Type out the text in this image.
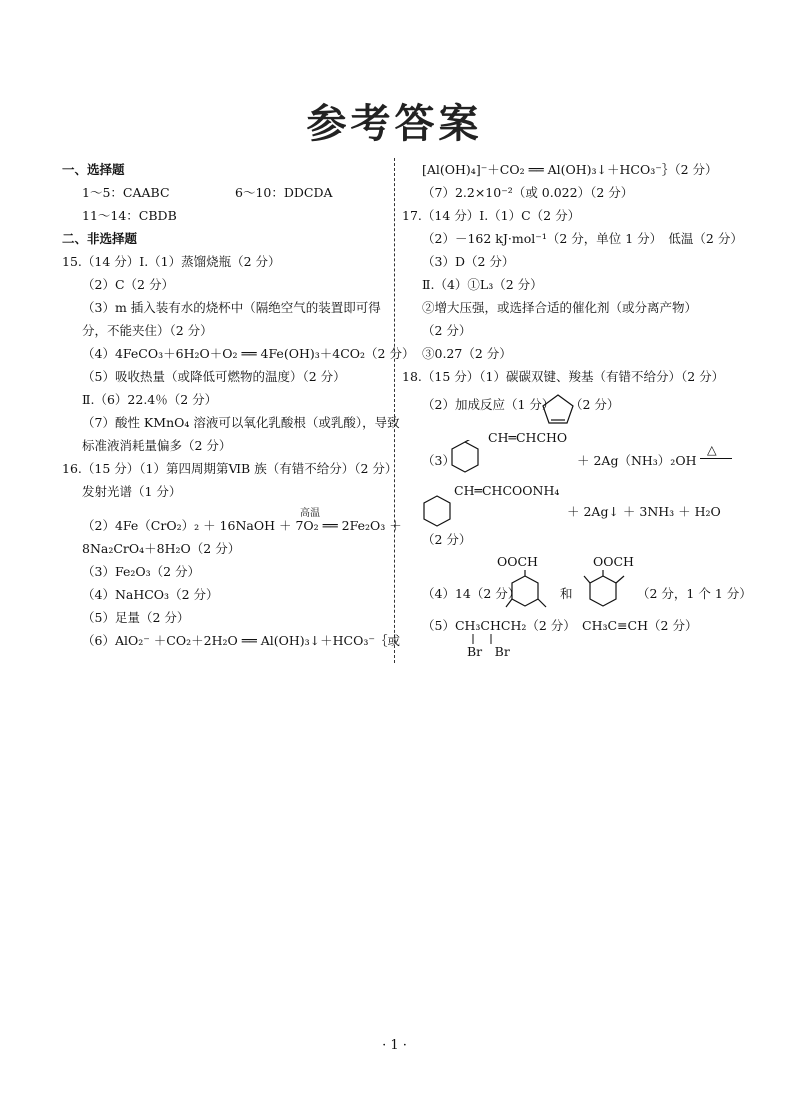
参考答案
一、选择题
1～5：CAABC	6～10：DDCDA
11～14：CBDB
二、非选择题
15.（14 分）Ⅰ.（1）蒸馏烧瓶（2 分）
（2）C（2 分）
（3）m 插入装有水的烧杯中（隔绝空气的装置即可得
分，不能夹住）（2 分）
（4）4FeCO₃＋6H₂O＋O₂ ══ 4Fe(OH)₃＋4CO₂（2 分）
（5）吸收热量（或降低可燃物的温度）（2 分）
Ⅱ.（6）22.4％（2 分）
（7）酸性 KMnO₄ 溶液可以氧化乳酸根（或乳酸），导致
标准液消耗量偏多（2 分）
16.（15 分）（1）第四周期第ⅥB 族（有错不给分）（2 分）
发射光谱（1 分）
（2）4Fe（CrO₂）₂ ＋ 16NaOH ＋ 7O₂ ══ 2Fe₂O₃ ＋
高温
8Na₂CrO₄＋8H₂O（2 分）
（3）Fe₂O₃（2 分）
（4）NaHCO₃（2 分）
（5）足量（2 分）
（6）AlO₂⁻ ＋CO₂＋2H₂O ══ Al(OH)₃↓＋HCO₃⁻｛或
[Al(OH)₄]⁻＋CO₂ ══ Al(OH)₃↓＋HCO₃⁻｝（2 分）
（7）2.2×10⁻²（或 0.022）（2 分）
17.（14 分）Ⅰ.（1）C（2 分）
（2）－162 kJ·mol⁻¹（2 分，单位 1 分）　低温（2 分）
（3）D（2 分）
Ⅱ.（4）①L₃（2 分）
②增大压强，或选择合适的催化剂（或分离产物）
（2 分）
③0.27（2 分）
18.（15 分）（1）碳碳双键、羧基（有错不给分）（2 分）
（2）加成反应（1 分） （2 分）
CH═CHCHO
（3）	＋ 2Ag（NH₃）₂OH
△
CH═CHCOONH₄
＋ 2Ag↓ ＋ 3NH₃ ＋ H₂O
（2 分）
OOCH	OOCH
（4）14（2 分）	和	（2 分，1 个 1 分）
（5）CH₃CHCH₂（2 分）　CH₃C≡CH（2 分）
Br　Br
· 1 ·
